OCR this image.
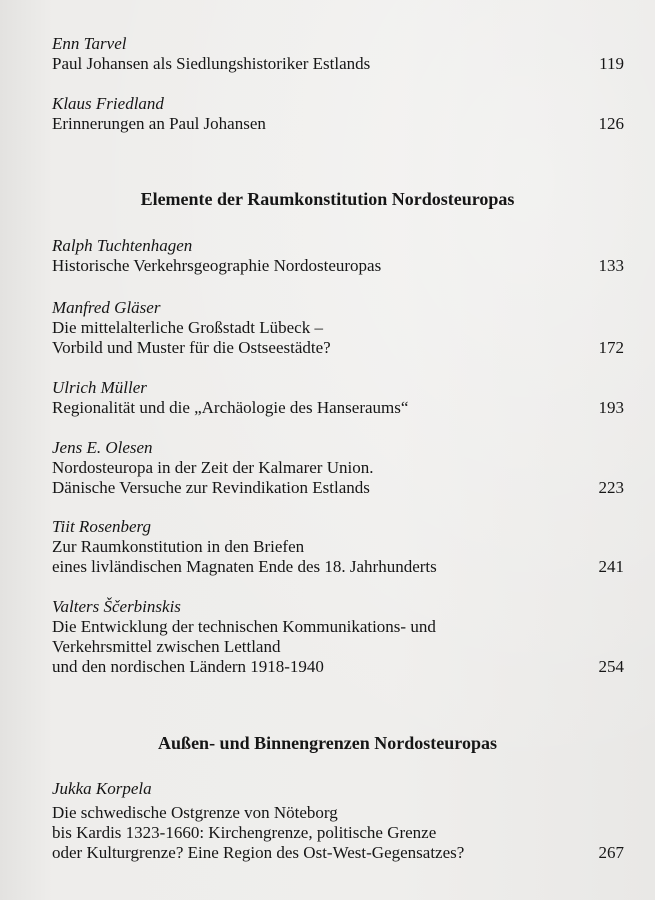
Enn Tarvel
Paul Johansen als Siedlungshistoriker Estlands	119
Klaus Friedland
Erinnerungen an Paul Johansen	126
Elemente der Raumkonstitution Nordosteuropas
Ralph Tuchtenhagen
Historische Verkehrsgeographie Nordosteuropas	133
Manfred Gläser
Die mittelalterliche Großstadt Lübeck –
Vorbild und Muster für die Ostseestädte?	172
Ulrich Müller
Regionalität und die „Archäologie des Hanseraums“	193
Jens E. Olesen
Nordosteuropa in der Zeit der Kalmarer Union.
Dänische Versuche zur Revindikation Estlands	223
Tiit Rosenberg
Zur Raumkonstitution in den Briefen
eines livländischen Magnaten Ende des 18. Jahrhunderts	241
Valters Ščerbinskis
Die Entwicklung der technischen Kommunikations- und
Verkehrsmittel zwischen Lettland
und den nordischen Ländern 1918-1940	254
Außen- und Binnengrenzen Nordosteuropas
Jukka Korpela
Die schwedische Ostgrenze von Nöteborg
bis Kardis 1323-1660: Kirchengrenze, politische Grenze
oder Kulturgrenze? Eine Region des Ost-West-Gegensatzes?	267
